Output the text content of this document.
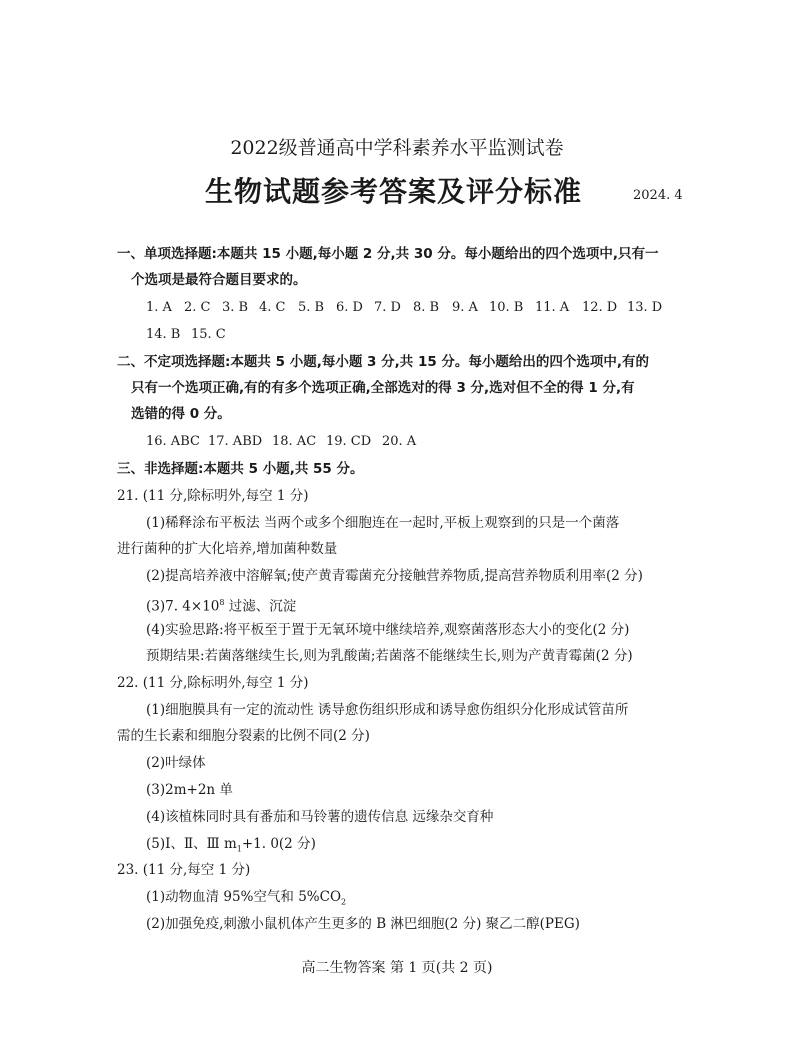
2022级普通高中学科素养水平监测试卷
生物试题参考答案及评分标准	2024. 4
一、单项选择题:本题共 15 小题,每小题 2 分,共 30 分。每小题给出的四个选项中,只有一
个选项是最符合题目要求的。
1. A 2. C 3. B 4. C 5. B 6. D 7. D 8. B 9. A 10. B 11. A 12. D 13. D
14. B 15. C
二、不定项选择题:本题共 5 小题,每小题 3 分,共 15 分。每小题给出的四个选项中,有的
只有一个选项正确,有的有多个选项正确,全部选对的得 3 分,选对但不全的得 1 分,有
选错的得 0 分。
16. ABC 17. ABD 18. AC 19. CD 20. A
三、非选择题:本题共 5 小题,共 55 分。
21. (11 分,除标明外,每空 1 分)
(1)稀释涂布平板法 当两个或多个细胞连在一起时,平板上观察到的只是一个菌落
进行菌种的扩大化培养,增加菌种数量
(2)提高培养液中溶解氧;使产黄青霉菌充分接触营养物质,提高营养物质利用率(2 分)
(3)7. $4\times 10^8$ 过滤、沉淀
(4)实验思路:将平板至于置于无氧环境中继续培养,观察菌落形态大小的变化(2 分)
预期结果:若菌落继续生长,则为乳酸菌;若菌落不能继续生长,则为产黄青霉菌(2 分)
22. (11 分,除标明外,每空 1 分)
(1)细胞膜具有一定的流动性 诱导愈伤组织形成和诱导愈伤组织分化形成试管苗所
需的生长素和细胞分裂素的比例不同(2 分)
(2)叶绿体
(3)2m+2n 单
(4)该植株同时具有番茄和马铃薯的遗传信息 远缘杂交育种
(5)Ⅰ、Ⅱ、Ⅲ $m_1+1$. 0(2 分)
23. (11 分,每空 1 分)
(1)动物血清 95%空气和 $5\%CO_2$
(2)加强免疫,刺激小鼠机体产生更多的 B 淋巴细胞(2 分) 聚乙二醇(PEG)
高二生物答案 第 1 页(共 2 页)
